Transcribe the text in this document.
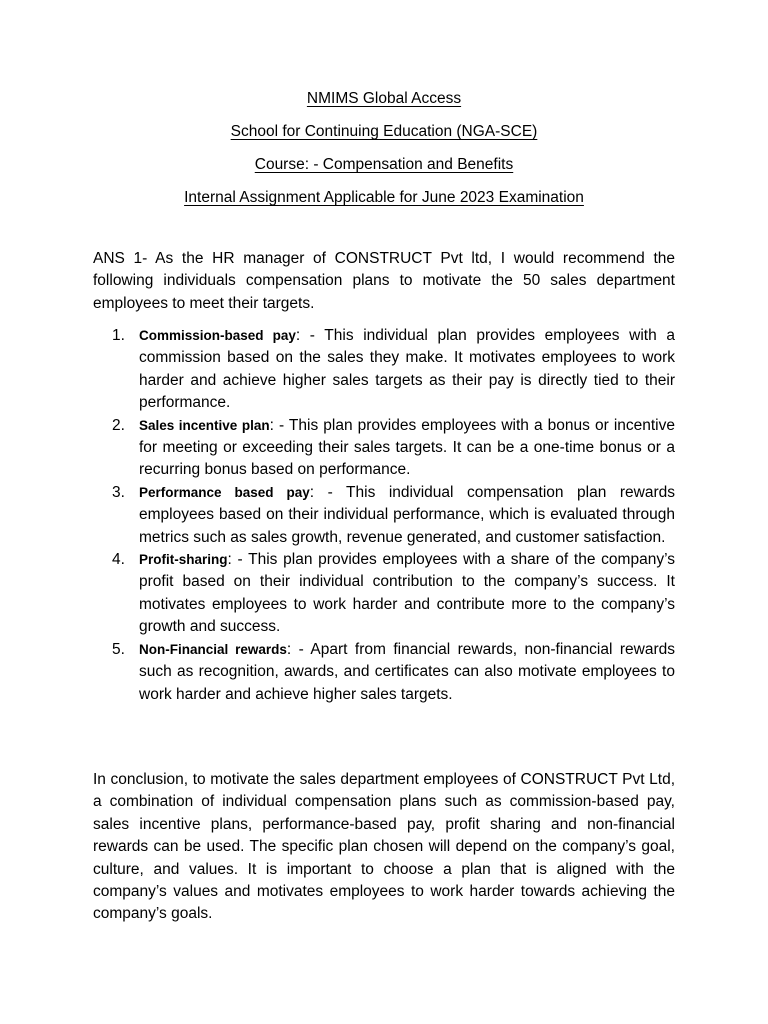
NMIMS Global Access
School for Continuing Education (NGA-SCE)
Course: - Compensation and Benefits
Internal Assignment Applicable for June 2023 Examination

ANS 1- As the HR manager of CONSTRUCT Pvt ltd, I would recommend the following individuals compensation plans to motivate the 50 sales department employees to meet their targets.

1. Commission-based pay: - This individual plan provides employees with a commission based on the sales they make. It motivates employees to work harder and achieve higher sales targets as their pay is directly tied to their performance.
2. Sales incentive plan: - This plan provides employees with a bonus or incentive for meeting or exceeding their sales targets. It can be a one-time bonus or a recurring bonus based on performance.
3. Performance based pay: - This individual compensation plan rewards employees based on their individual performance, which is evaluated through metrics such as sales growth, revenue generated, and customer satisfaction.
4. Profit-sharing: - This plan provides employees with a share of the company’s profit based on their individual contribution to the company’s success. It motivates employees to work harder and contribute more to the company’s growth and success.
5. Non-Financial rewards: - Apart from financial rewards, non-financial rewards such as recognition, awards, and certificates can also motivate employees to work harder and achieve higher sales targets.

In conclusion, to motivate the sales department employees of CONSTRUCT Pvt Ltd, a combination of individual compensation plans such as commission-based pay, sales incentive plans, performance-based pay, profit sharing and non-financial rewards can be used. The specific plan chosen will depend on the company’s goal, culture, and values. It is important to choose a plan that is aligned with the company’s values and motivates employees to work harder towards achieving the company’s goals.
